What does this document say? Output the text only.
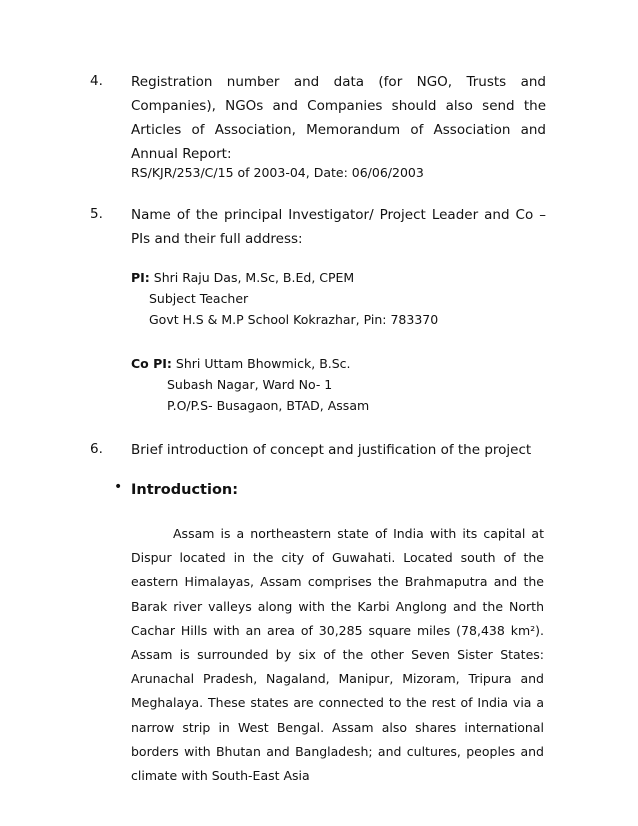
4. Registration number and data (for NGO, Trusts and Companies), NGOs and Companies should also send the Articles of Association, Memorandum of Association and Annual Report:
RS/KJR/253/C/15 of 2003-04, Date: 06/06/2003
5. Name of the principal Investigator/ Project Leader and Co – PIs and their full address:
PI: Shri Raju Das, M.Sc, B.Ed, CPEM
Subject Teacher
Govt H.S & M.P School Kokrazhar, Pin: 783370
Co PI: Shri Uttam Bhowmick, B.Sc.
Subash Nagar, Ward No- 1
P.O/P.S- Busagaon, BTAD, Assam
6. Brief introduction of concept and justification of the project
• Introduction:
Assam is a northeastern state of India with its capital at Dispur located in the city of Guwahati. Located south of the eastern Himalayas, Assam comprises the Brahmaputra and the Barak river valleys along with the Karbi Anglong and the North Cachar Hills with an area of 30,285 square miles (78,438 km²). Assam is surrounded by six of the other Seven Sister States: Arunachal Pradesh, Nagaland, Manipur, Mizoram, Tripura and Meghalaya. These states are connected to the rest of India via a narrow strip in West Bengal. Assam also shares international borders with Bhutan and Bangladesh; and cultures, peoples and climate with South-East Asia
